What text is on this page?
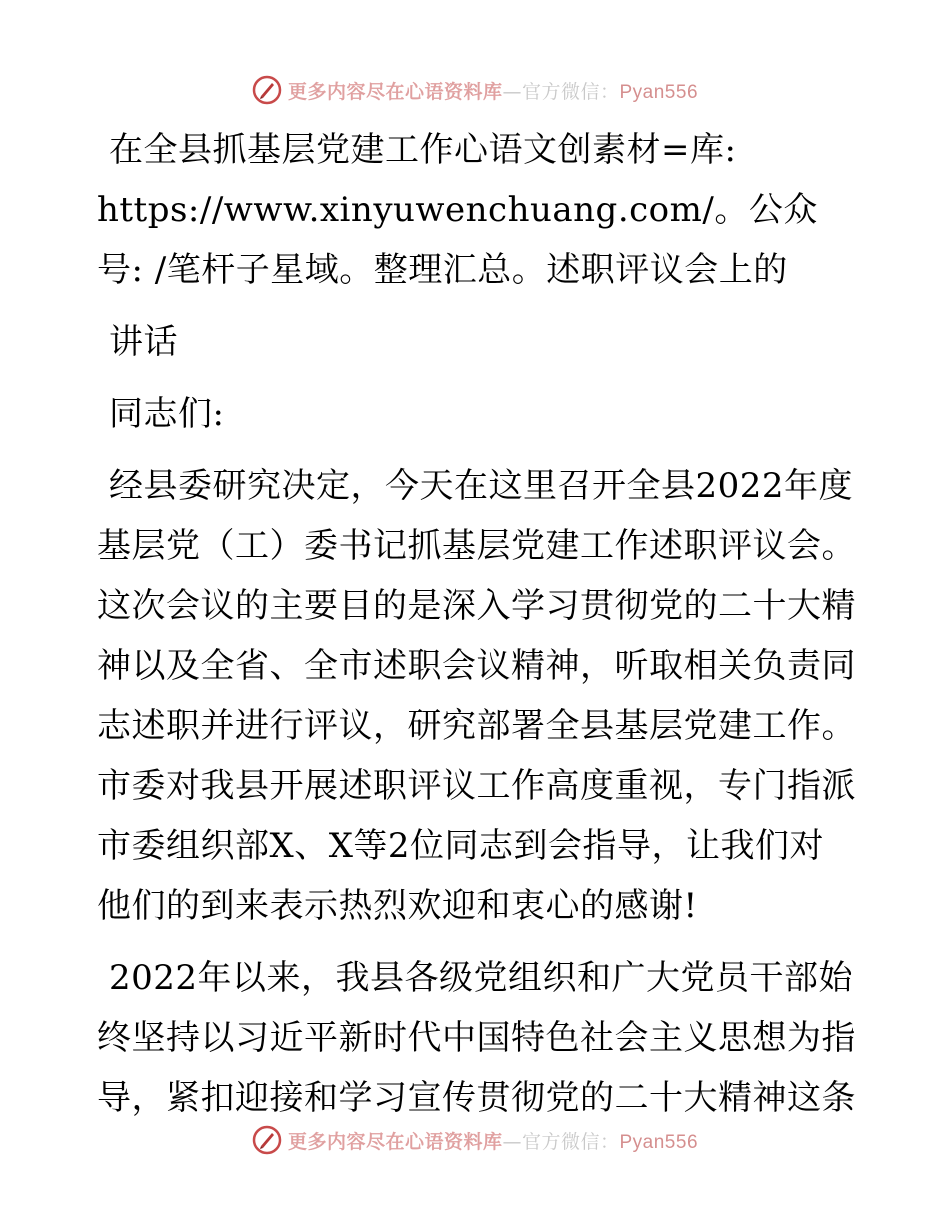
更多内容尽在心语资料库—官方微信：Pyan556

在全县抓基层党建工作心语文创素材=库:
https://www.xinyuwenchuang.com/。公众号: /笔杆子星域。整理汇总。述职评议会上的

讲话

同志们:

经县委研究决定，今天在这里召开全县2022年度基层党（工）委书记抓基层党建工作述职评议会。这次会议的主要目的是深入学习贯彻党的二十大精神以及全省、全市述职会议精神，听取相关负责同志述职并进行评议，研究部署全县基层党建工作。市委对我县开展述职评议工作高度重视，专门指派市委组织部X、X等2位同志到会指导，让我们对他们的到来表示热烈欢迎和衷心的感谢!

2022年以来，我县各级党组织和广大党员干部始终坚持以习近平新时代中国特色社会主义思想为指导，紧扣迎接和学习宣传贯彻党的二十大精神这条

更多内容尽在心语资料库—官方微信：Pyan556
